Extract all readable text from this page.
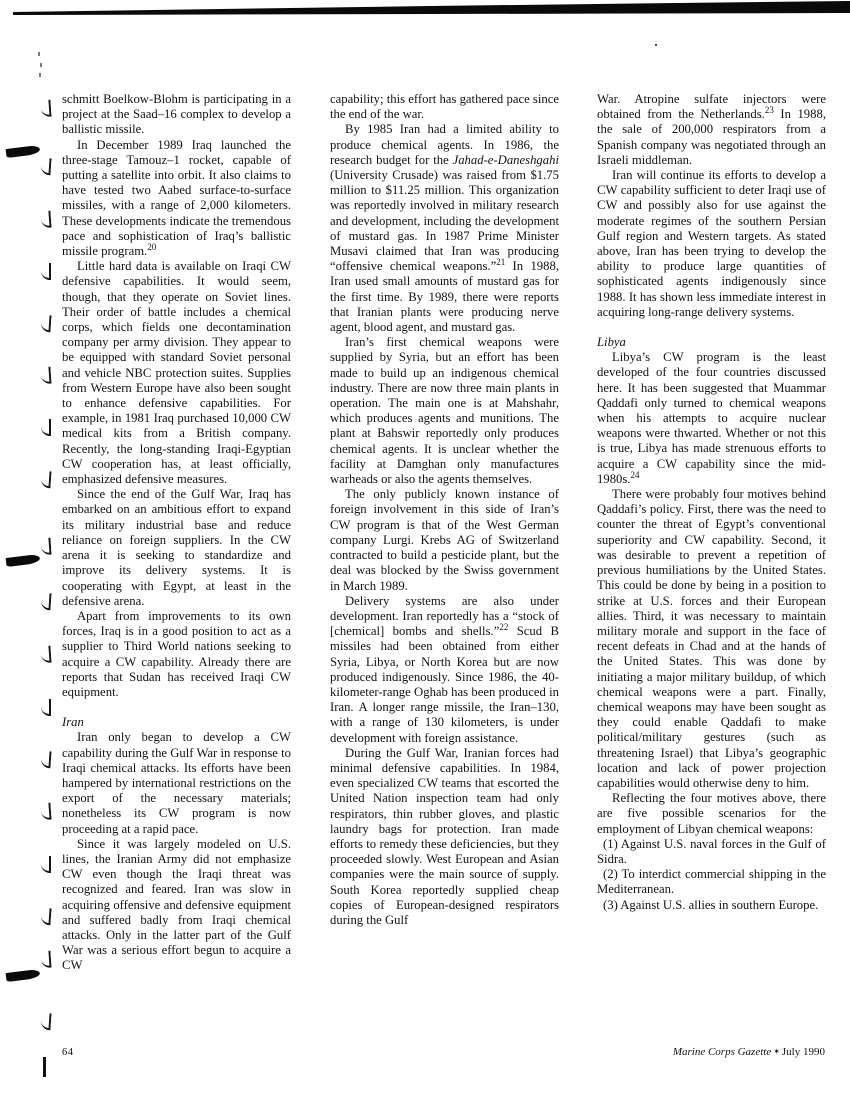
schmitt Boelkow-Blohm is participating in a project at the Saad–16 complex to develop a ballistic missile.

In December 1989 Iraq launched the three-stage Tamouz–1 rocket, capable of putting a satellite into orbit. It also claims to have tested two Aabed surface-to-surface missiles, with a range of 2,000 kilometers. These developments indicate the tremendous pace and sophistication of Iraq’s ballistic missile program.$^{20}$

Little hard data is available on Iraqi CW defensive capabilities. It would seem, though, that they operate on Soviet lines. Their order of battle includes a chemical corps, which fields one decontamination company per army division. They appear to be equipped with standard Soviet personal and vehicle NBC protection suites. Supplies from Western Europe have also been sought to enhance defensive capabilities. For example, in 1981 Iraq purchased 10,000 CW medical kits from a British company. Recently, the long-standing Iraqi-Egyptian CW cooperation has, at least officially, emphasized defensive measures.

Since the end of the Gulf War, Iraq has embarked on an ambitious effort to expand its military industrial base and reduce reliance on foreign suppliers. In the CW arena it is seeking to standardize and improve its delivery systems. It is cooperating with Egypt, at least in the defensive arena.

Apart from improvements to its own forces, Iraq is in a good position to act as a supplier to Third World nations seeking to acquire a CW capability. Already there are reports that Sudan has received Iraqi CW equipment.

Iran

Iran only began to develop a CW capability during the Gulf War in response to Iraqi chemical attacks. Its efforts have been hampered by international restrictions on the export of the necessary materials; nonetheless its CW program is now proceeding at a rapid pace.

Since it was largely modeled on U.S. lines, the Iranian Army did not emphasize CW even though the Iraqi threat was recognized and feared. Iran was slow in acquiring offensive and defensive equipment and suffered badly from Iraqi chemical attacks. Only in the latter part of the Gulf War was a serious effort begun to acquire a CW

capability; this effort has gathered pace since the end of the war.

By 1985 Iran had a limited ability to produce chemical agents. In 1986, the research budget for the Jahad-e-Daneshgahi (University Crusade) was raised from $1.75 million to $11.25 million. This organization was reportedly involved in military research and development, including the development of mustard gas. In 1987 Prime Minister Musavi claimed that Iran was producing “offensive chemical weapons.”$^{21}$ In 1988, Iran used small amounts of mustard gas for the first time. By 1989, there were reports that Iranian plants were producing nerve agent, blood agent, and mustard gas.

Iran’s first chemical weapons were supplied by Syria, but an effort has been made to build up an indigenous chemical industry. There are now three main plants in operation. The main one is at Mahshahr, which produces agents and munitions. The plant at Bahswir reportedly only produces chemical agents. It is unclear whether the facility at Damghan only manufactures warheads or also the agents themselves.

The only publicly known instance of foreign involvement in this side of Iran’s CW program is that of the West German company Lurgi. Krebs AG of Switzerland contracted to build a pesticide plant, but the deal was blocked by the Swiss government in March 1989.

Delivery systems are also under development. Iran reportedly has a “stock of [chemical] bombs and shells.”$^{22}$ Scud B missiles had been obtained from either Syria, Libya, or North Korea but are now produced indigenously. Since 1986, the 40-kilometer-range Oghab has been produced in Iran. A longer range missile, the Iran–130, with a range of 130 kilometers, is under development with foreign assistance.

During the Gulf War, Iranian forces had minimal defensive capabilities. In 1984, even specialized CW teams that escorted the United Nation inspection team had only respirators, thin rubber gloves, and plastic laundry bags for protection. Iran made efforts to remedy these deficiencies, but they proceeded slowly. West European and Asian companies were the main source of supply. South Korea reportedly supplied cheap copies of European-designed respirators during the Gulf

War. Atropine sulfate injectors were obtained from the Netherlands.$^{23}$ In 1988, the sale of 200,000 respirators from a Spanish company was negotiated through an Israeli middleman.

Iran will continue its efforts to develop a CW capability sufficient to deter Iraqi use of CW and possibly also for use against the moderate regimes of the southern Persian Gulf region and Western targets. As stated above, Iran has been trying to develop the ability to produce large quantities of sophisticated agents indigenously since 1988. It has shown less immediate interest in acquiring long-range delivery systems.

Libya

Libya’s CW program is the least developed of the four countries discussed here. It has been suggested that Muammar Qaddafi only turned to chemical weapons when his attempts to acquire nuclear weapons were thwarted. Whether or not this is true, Libya has made strenuous efforts to acquire a CW capability since the mid-1980s.$^{24}$

There were probably four motives behind Qaddafi’s policy. First, there was the need to counter the threat of Egypt’s conventional superiority and CW capability. Second, it was desirable to prevent a repetition of previous humiliations by the United States. This could be done by being in a position to strike at U.S. forces and their European allies. Third, it was necessary to maintain military morale and support in the face of recent defeats in Chad and at the hands of the United States. This was done by initiating a major military buildup, of which chemical weapons were a part. Finally, chemical weapons may have been sought as they could enable Qaddafi to make political/military gestures (such as threatening Israel) that Libya’s geographic location and lack of power projection capabilities would otherwise deny to him.

Reflecting the four motives above, there are five possible scenarios for the employment of Libyan chemical weapons:

(1) Against U.S. naval forces in the Gulf of Sidra.

(2) To interdict commercial shipping in the Mediterranean.

(3) Against U.S. allies in southern Europe.

64	Marine Corps Gazette ✶ July 1990
